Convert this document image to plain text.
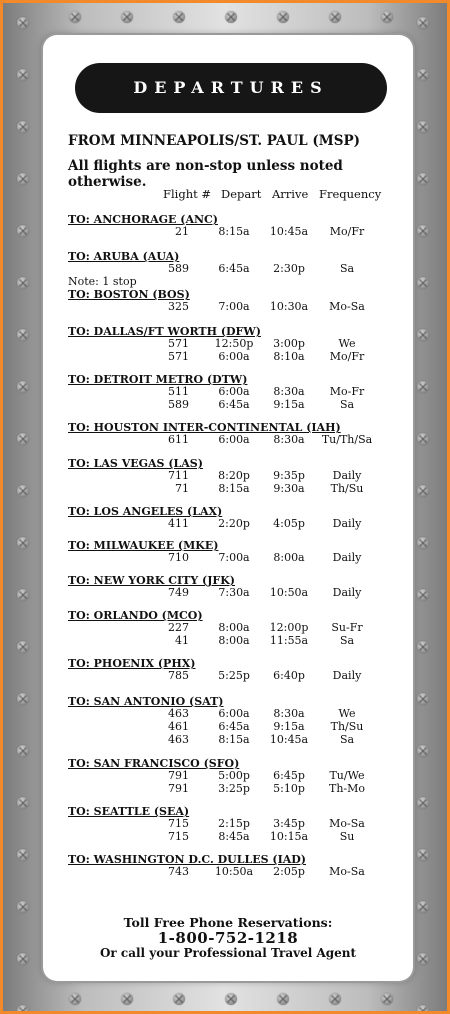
DEPARTURES
FROM MINNEAPOLIS/ST. PAUL (MSP)
All flights are non-stop unless noted otherwise.
Flight # Depart Arrive Frequency
TO: ANCHORAGE (ANC)
21	8:15a	10:45a	Mo/Fr
TO: ARUBA (AUA)
Note: 1 stop
589	6:45a	2:30p	Sa
TO: BOSTON (BOS)
325	7:00a	10:30a	Mo-Sa
TO: DALLAS/FT WORTH (DFW)
571	12:50p	3:00p	We
571	6:00a	8:10a	Mo/Fr
TO: DETROIT METRO (DTW)
511	6:00a	8:30a	Mo-Fr
589	6:45a	9:15a	Sa
TO: HOUSTON INTER-CONTINENTAL (IAH)
611	6:00a	8:30a	Tu/Th/Sa
TO: LAS VEGAS (LAS)
711	8:20p	9:35p	Daily
71	8:15a	9:30a	Th/Su
TO: LOS ANGELES (LAX)
411	2:20p	4:05p	Daily
TO: MILWAUKEE (MKE)
710	7:00a	8:00a	Daily
TO: NEW YORK CITY (JFK)
749	7:30a	10:50a	Daily
TO: ORLANDO (MCO)
227	8:00a	12:00p	Su-Fr
41	8:00a	11:55a	Sa
TO: PHOENIX (PHX)
785	5:25p	6:40p	Daily
TO: SAN ANTONIO (SAT)
463	6:00a	8:30a	We
461	6:45a	9:15a	Th/Su
463	8:15a	10:45a	Sa
TO: SAN FRANCISCO (SFO)
791	5:00p	6:45p	Tu/We
791	3:25p	5:10p	Th-Mo
TO: SEATTLE (SEA)
715	2:15p	3:45p	Mo-Sa
715	8:45a	10:15a	Su
TO: WASHINGTON D.C. DULLES (IAD)
743	10:50a	2:05p	Mo-Sa
Toll Free Phone Reservations:
1-800-752-1218
Or call your Professional Travel Agent
